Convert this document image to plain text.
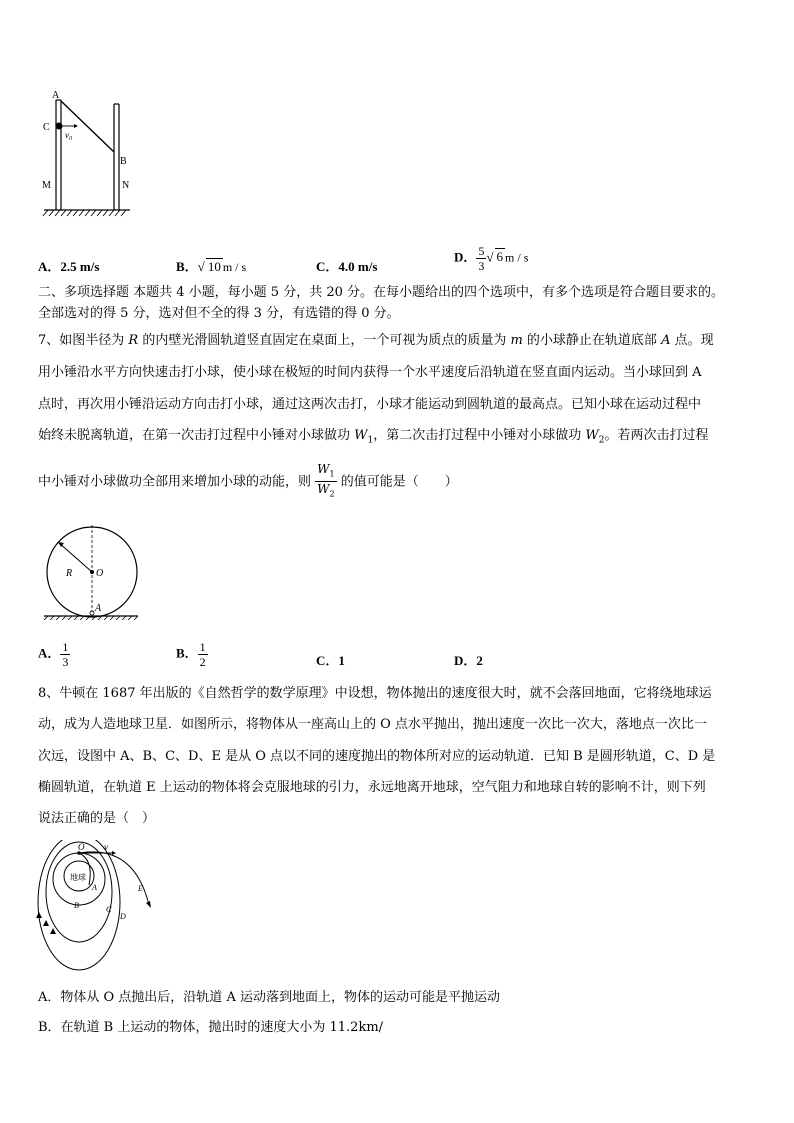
A
C
$v_0$
B
M	N
A．2.5 m/s	B．√ 10 m / s	C．4.0 m/s
D． $\frac{5}{3}$ √ 6 m / s
二、多项选择题 本题共 4 小题，每小题 5 分，共 20 分。在每小题给出的四个选项中，有多个选项是符合题目要求的。
全部选对的得 5 分，选对但不全的得 3 分，有选错的得 0 分。
7、如图半径为 R 的内壁光滑圆轨道竖直固定在桌面上，一个可视为质点的质量为 m 的小球静止在轨道底部 A 点。现
用小锤沿水平方向快速击打小球，使小球在极短的时间内获得一个水平速度后沿轨道在竖直面内运动。当小球回到 A
点时，再次用小锤沿运动方向击打小球，通过这两次击打，小球才能运动到圆轨道的最高点。已知小球在运动过程中
始终未脱离轨道，在第一次击打过程中小锤对小球做功 $W_1$，第二次击打过程中小锤对小球做功 $W_2$。若两次击打过程
中小锤对小球做功全部用来增加小球的动能，则 $\frac{W_1}{W_2}$ 的值可能是（　　）
R O
A
A． $\frac{1}{3}$	B． $\frac{1}{2}$	C．1	D．2
8、牛顿在 1687 年出版的《自然哲学的数学原理》中设想，物体抛出的速度很大时，就不会落回地面，它将绕地球运
动，成为人造地球卫星．如图所示，将物体从一座高山上的 O 点水平抛出，抛出速度一次比一次大，落地点一次比一
次远，设图中 A、B、C、D、E 是从 O 点以不同的速度抛出的物体所对应的运动轨道．已知 B 是圆形轨道，C、D 是
椭圆轨道，在轨道 E 上运动的物体将会克服地球的引力，永远地离开地球，空气阻力和地球自转的影响不计，则下列
说法正确的是（　）
O v
地球
A
B	C
D
E
A．物体从 O 点抛出后，沿轨道 A 运动落到地面上，物体的运动可能是平抛运动
B．在轨道 B 上运动的物体，抛出时的速度大小为 11.2km/
